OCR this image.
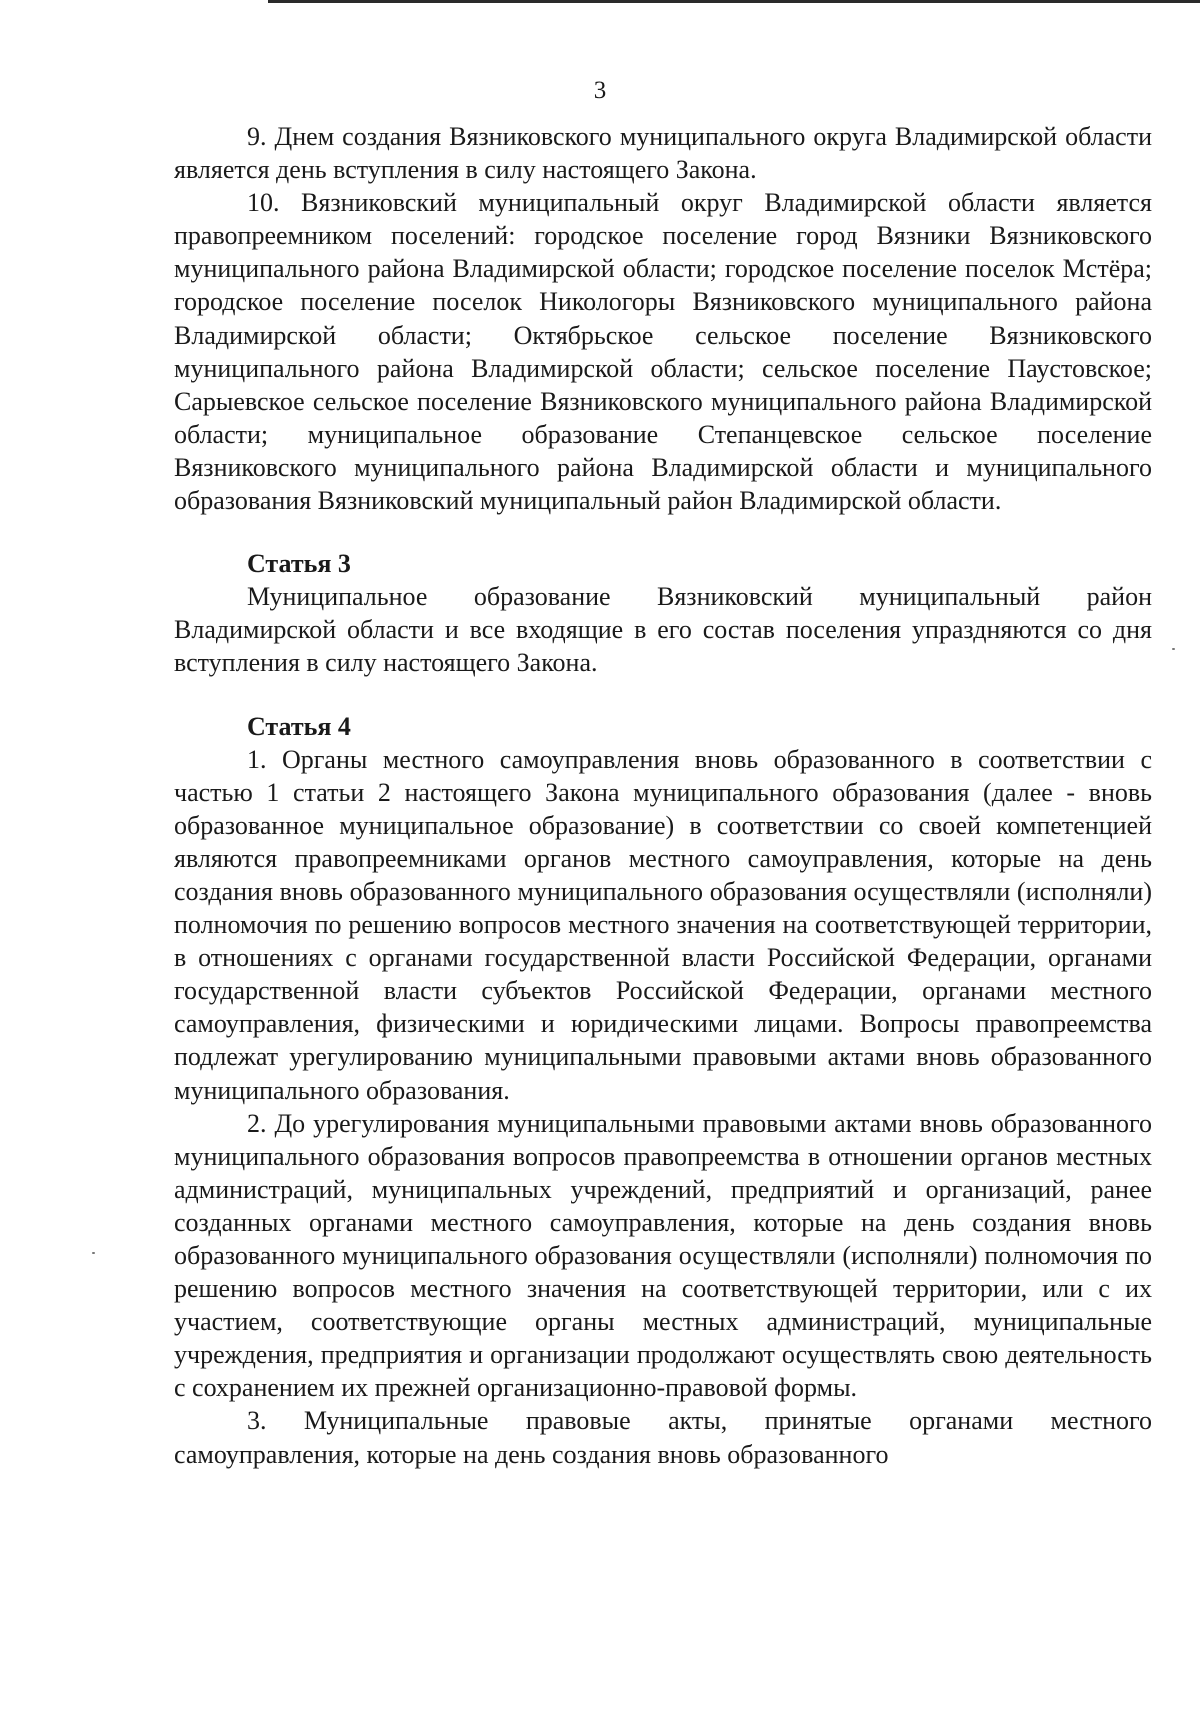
3

9. Днем создания Вязниковского муниципального округа Владимирской области является день вступления в силу настоящего Закона.

10. Вязниковский муниципальный округ Владимирской области является правопреемником поселений: городское поселение город Вязники Вязниковского муниципального района Владимирской области; городское поселение поселок Мстёра; городское поселение поселок Никологоры Вязниковского муниципального района Владимирской области; Октябрьское сельское поселение Вязниковского муниципального района Владимирской области; сельское поселение Паустовское; Сарыевское сельское поселение Вязниковского муниципального района Владимирской области; муниципальное образование Степанцевское сельское поселение Вязниковского муниципального района Владимирской области и муниципального образования Вязниковский муниципальный район Владимирской области.

Статья 3

Муниципальное образование Вязниковский муниципальный район Владимирской области и все входящие в его состав поселения упраздняются со дня вступления в силу настоящего Закона.

Статья 4

1. Органы местного самоуправления вновь образованного в соответствии с частью 1 статьи 2 настоящего Закона муниципального образования (далее - вновь образованное муниципальное образование) в соответствии со своей компетенцией являются правопреемниками органов местного самоуправления, которые на день создания вновь образованного муниципального образования осуществляли (исполняли) полномочия по решению вопросов местного значения на соответствующей территории, в отношениях с органами государственной власти Российской Федерации, органами государственной власти субъектов Российской Федерации, органами местного самоуправления, физическими и юридическими лицами. Вопросы правопреемства подлежат урегулированию муниципальными правовыми актами вновь образованного муниципального образования.

2. До урегулирования муниципальными правовыми актами вновь образованного муниципального образования вопросов правопреемства в отношении органов местных администраций, муниципальных учреждений, предприятий и организаций, ранее созданных органами местного самоуправления, которые на день создания вновь образованного муниципального образования осуществляли (исполняли) полномочия по решению вопросов местного значения на соответствующей территории, или с их участием, соответствующие органы местных администраций, муниципальные учреждения, предприятия и организации продолжают осуществлять свою деятельность с сохранением их прежней организационно-правовой формы.

3. Муниципальные правовые акты, принятые органами местного самоуправления, которые на день создания вновь образованного
